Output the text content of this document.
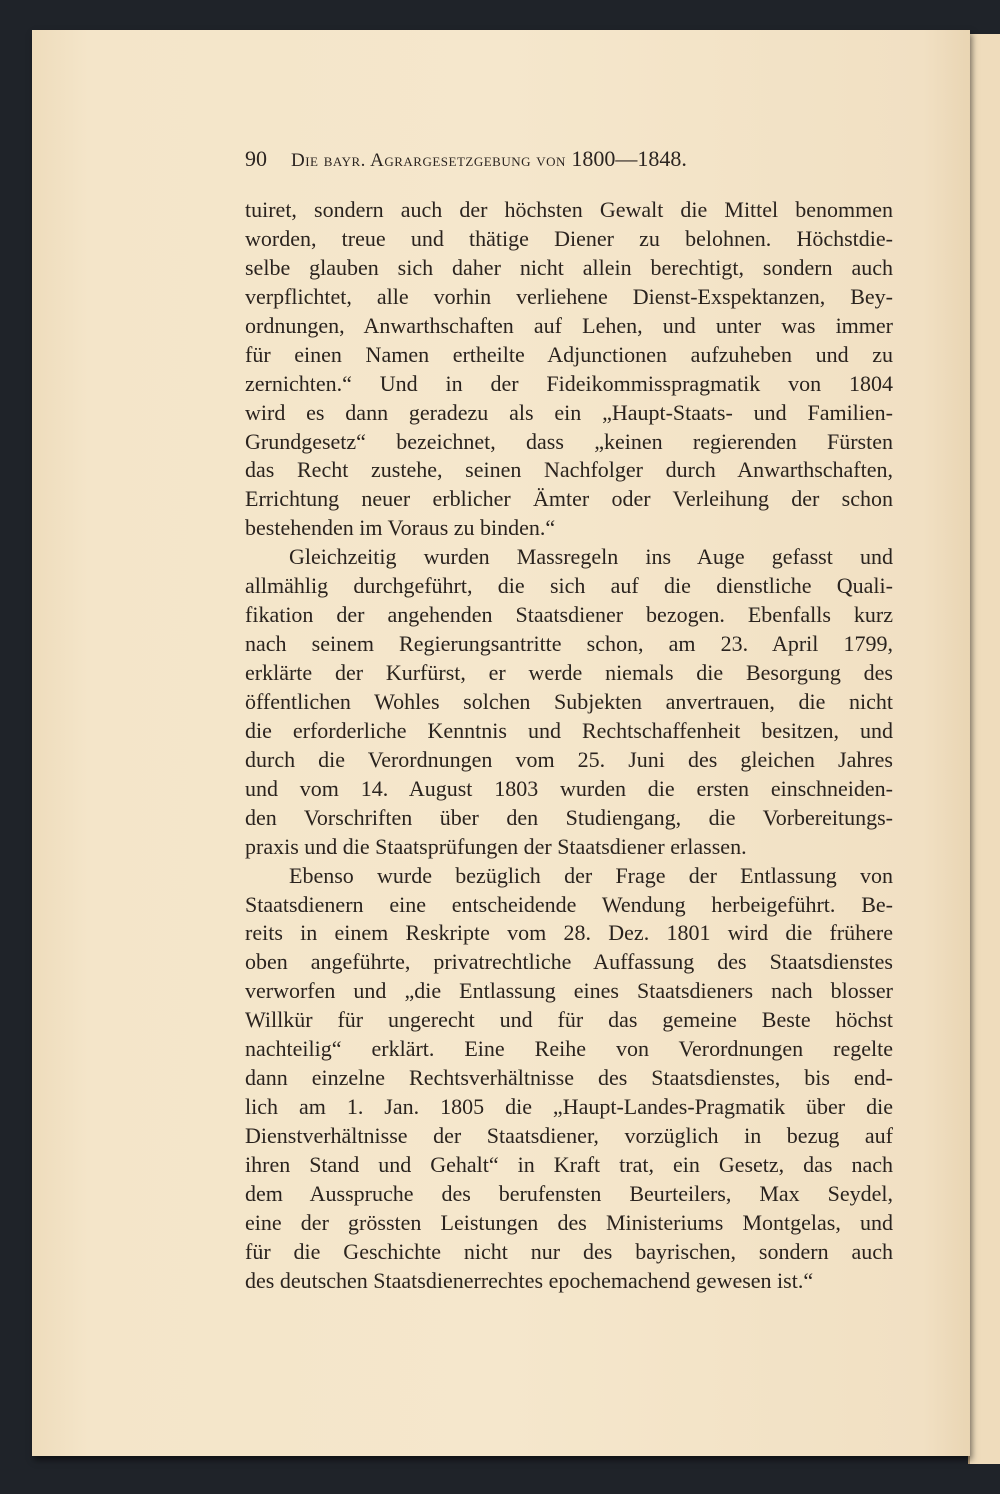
90 Die bayr. Agrargesetzgebung von 1800—1848.
tuiret, sondern auch der höchsten Gewalt die Mittel benommen
worden, treue und thätige Diener zu belohnen. Höchstdie-
selbe glauben sich daher nicht allein berechtigt, sondern auch
verpflichtet, alle vorhin verliehene Dienst-Exspektanzen, Bey-
ordnungen, Anwarthschaften auf Lehen, und unter was immer
für einen Namen ertheilte Adjunctionen aufzuheben und zu
zernichten.“ Und in der Fideikommisspragmatik von 1804
wird es dann geradezu als ein „Haupt-Staats- und Familien-
Grundgesetz“ bezeichnet, dass „keinen regierenden Fürsten
das Recht zustehe, seinen Nachfolger durch Anwarthschaften,
Errichtung neuer erblicher Ämter oder Verleihung der schon
bestehenden im Voraus zu binden.“
Gleichzeitig wurden Massregeln ins Auge gefasst und
allmählig durchgeführt, die sich auf die dienstliche Quali-
fikation der angehenden Staatsdiener bezogen. Ebenfalls kurz
nach seinem Regierungsantritte schon, am 23. April 1799,
erklärte der Kurfürst, er werde niemals die Besorgung des
öffentlichen Wohles solchen Subjekten anvertrauen, die nicht
die erforderliche Kenntnis und Rechtschaffenheit besitzen, und
durch die Verordnungen vom 25. Juni des gleichen Jahres
und vom 14. August 1803 wurden die ersten einschneiden-
den Vorschriften über den Studiengang, die Vorbereitungs-
praxis und die Staatsprüfungen der Staatsdiener erlassen.
Ebenso wurde bezüglich der Frage der Entlassung von
Staatsdienern eine entscheidende Wendung herbeigeführt. Be-
reits in einem Reskripte vom 28. Dez. 1801 wird die frühere
oben angeführte, privatrechtliche Auffassung des Staatsdienstes
verworfen und „die Entlassung eines Staatsdieners nach blosser
Willkür für ungerecht und für das gemeine Beste höchst
nachteilig“ erklärt. Eine Reihe von Verordnungen regelte
dann einzelne Rechtsverhältnisse des Staatsdienstes, bis end-
lich am 1. Jan. 1805 die „Haupt-Landes-Pragmatik über die
Dienstverhältnisse der Staatsdiener, vorzüglich in bezug auf
ihren Stand und Gehalt“ in Kraft trat, ein Gesetz, das nach
dem Ausspruche des berufensten Beurteilers, Max Seydel,
eine der grössten Leistungen des Ministeriums Montgelas, und
für die Geschichte nicht nur des bayrischen, sondern auch
des deutschen Staatsdienerrechtes epochemachend gewesen ist.“
